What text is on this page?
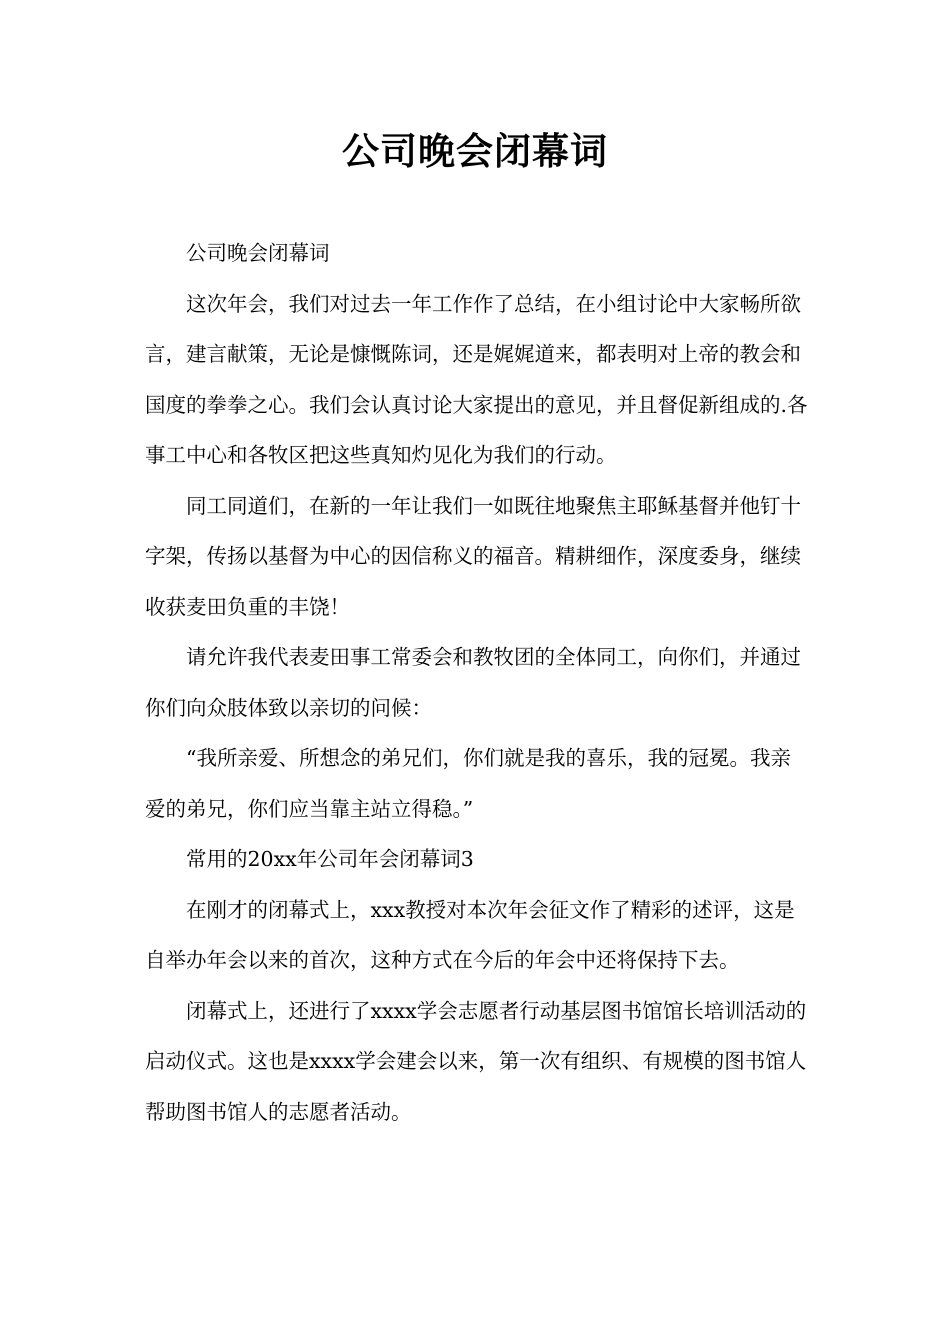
公司晚会闭幕词

公司晚会闭幕词

这次年会，我们对过去一年工作作了总结，在小组讨论中大家畅所欲言，建言献策，无论是慷慨陈词，还是娓娓道来，都表明对上帝的教会和国度的拳拳之心。我们会认真讨论大家提出的意见，并且督促新组成的.各事工中心和各牧区把这些真知灼见化为我们的行动。

同工同道们，在新的一年让我们一如既往地聚焦主耶稣基督并他钉十字架，传扬以基督为中心的因信称义的福音。精耕细作，深度委身，继续收获麦田负重的丰饶！

请允许我代表麦田事工常委会和教牧团的全体同工，向你们，并通过你们向众肢体致以亲切的问候：

“我所亲爱、所想念的弟兄们，你们就是我的喜乐，我的冠冕。我亲爱的弟兄，你们应当靠主站立得稳。”

常用的20xx年公司年会闭幕词3

在刚才的闭幕式上，xxx教授对本次年会征文作了精彩的述评，这是自举办年会以来的首次，这种方式在今后的年会中还将保持下去。

闭幕式上，还进行了xxxx学会志愿者行动基层图书馆馆长培训活动的启动仪式。这也是xxxx学会建会以来，第一次有组织、有规模的图书馆人帮助图书馆人的志愿者活动。
